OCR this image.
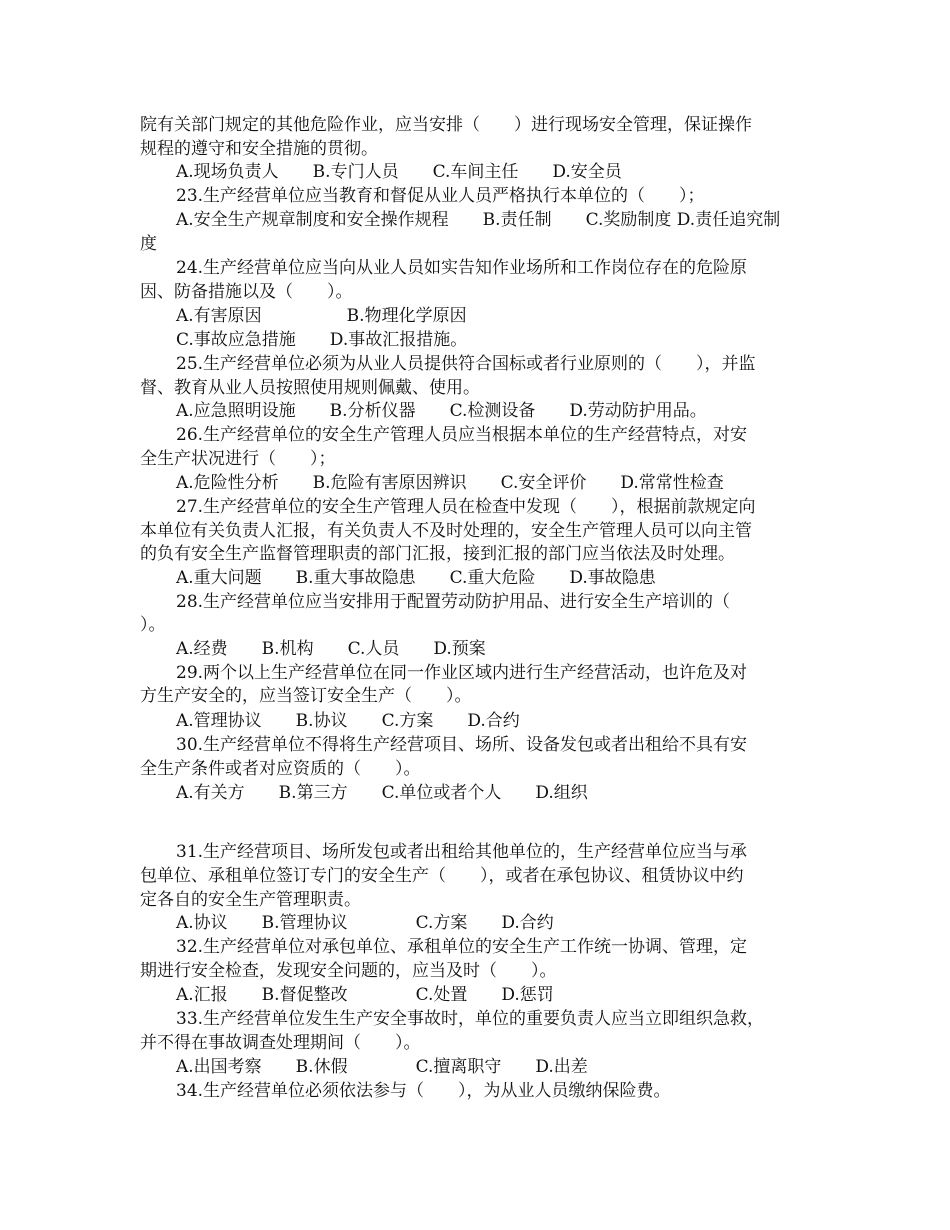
院有关部门规定的其他危险作业，应当安排（　　）进行现场安全管理，保证操作

规程的遵守和安全措施的贯彻。

A.现场负责人　　B.专门人员　　C.车间主任　　D.安全员

23.生产经营单位应当教育和督促从业人员严格执行本单位的（　　）；

A.安全生产规章制度和安全操作规程　　B.责任制　　C.奖励制度 D.责任追究制

度

24.生产经营单位应当向从业人员如实告知作业场所和工作岗位存在的危险原

因、防备措施以及（　　）。

A.有害原因　　　　　B.物理化学原因

C.事故应急措施　　D.事故汇报措施。

25.生产经营单位必须为从业人员提供符合国标或者行业原则的（　　），并监

督、教育从业人员按照使用规则佩戴、使用。

A.应急照明设施　　B.分析仪器　　C.检测设备　　D.劳动防护用品。

26.生产经营单位的安全生产管理人员应当根据本单位的生产经营特点，对安

全生产状况进行（　　）；

A.危险性分析　　B.危险有害原因辨识　　C.安全评价　　D.常常性检查

27.生产经营单位的安全生产管理人员在检查中发现（　　），根据前款规定向

本单位有关负责人汇报，有关负责人不及时处理的，安全生产管理人员可以向主管

的负有安全生产监督管理职责的部门汇报，接到汇报的部门应当依法及时处理。

A.重大问题　　B.重大事故隐患　　C.重大危险　　D.事故隐患

28.生产经营单位应当安排用于配置劳动防护用品、进行安全生产培训的（

）。

A.经费　　B.机构　　C.人员　　D.预案

29.两个以上生产经营单位在同一作业区域内进行生产经营活动，也许危及对

方生产安全的，应当签订安全生产（　　）。

A.管理协议　　B.协议　　C.方案　　D.合约

30.生产经营单位不得将生产经营项目、场所、设备发包或者出租给不具有安

全生产条件或者对应资质的（　　）。

A.有关方　　B.第三方　　C.单位或者个人　　D.组织

31.生产经营项目、场所发包或者出租给其他单位的，生产经营单位应当与承

包单位、承租单位签订专门的安全生产（　　），或者在承包协议、租赁协议中约

定各自的安全生产管理职责。

A.协议　　B.管理协议　　　　C.方案　　D.合约

32.生产经营单位对承包单位、承租单位的安全生产工作统一协调、管理，定

期进行安全检查，发现安全问题的，应当及时（　　）。

A.汇报　　B.督促整改　　　　C.处置　　D.惩罚

33.生产经营单位发生生产安全事故时，单位的重要负责人应当立即组织急救，

并不得在事故调查处理期间（　　）。

A.出国考察　　B.休假　　　　C.擅离职守　　D.出差

34.生产经营单位必须依法参与（　　），为从业人员缴纳保险费。
